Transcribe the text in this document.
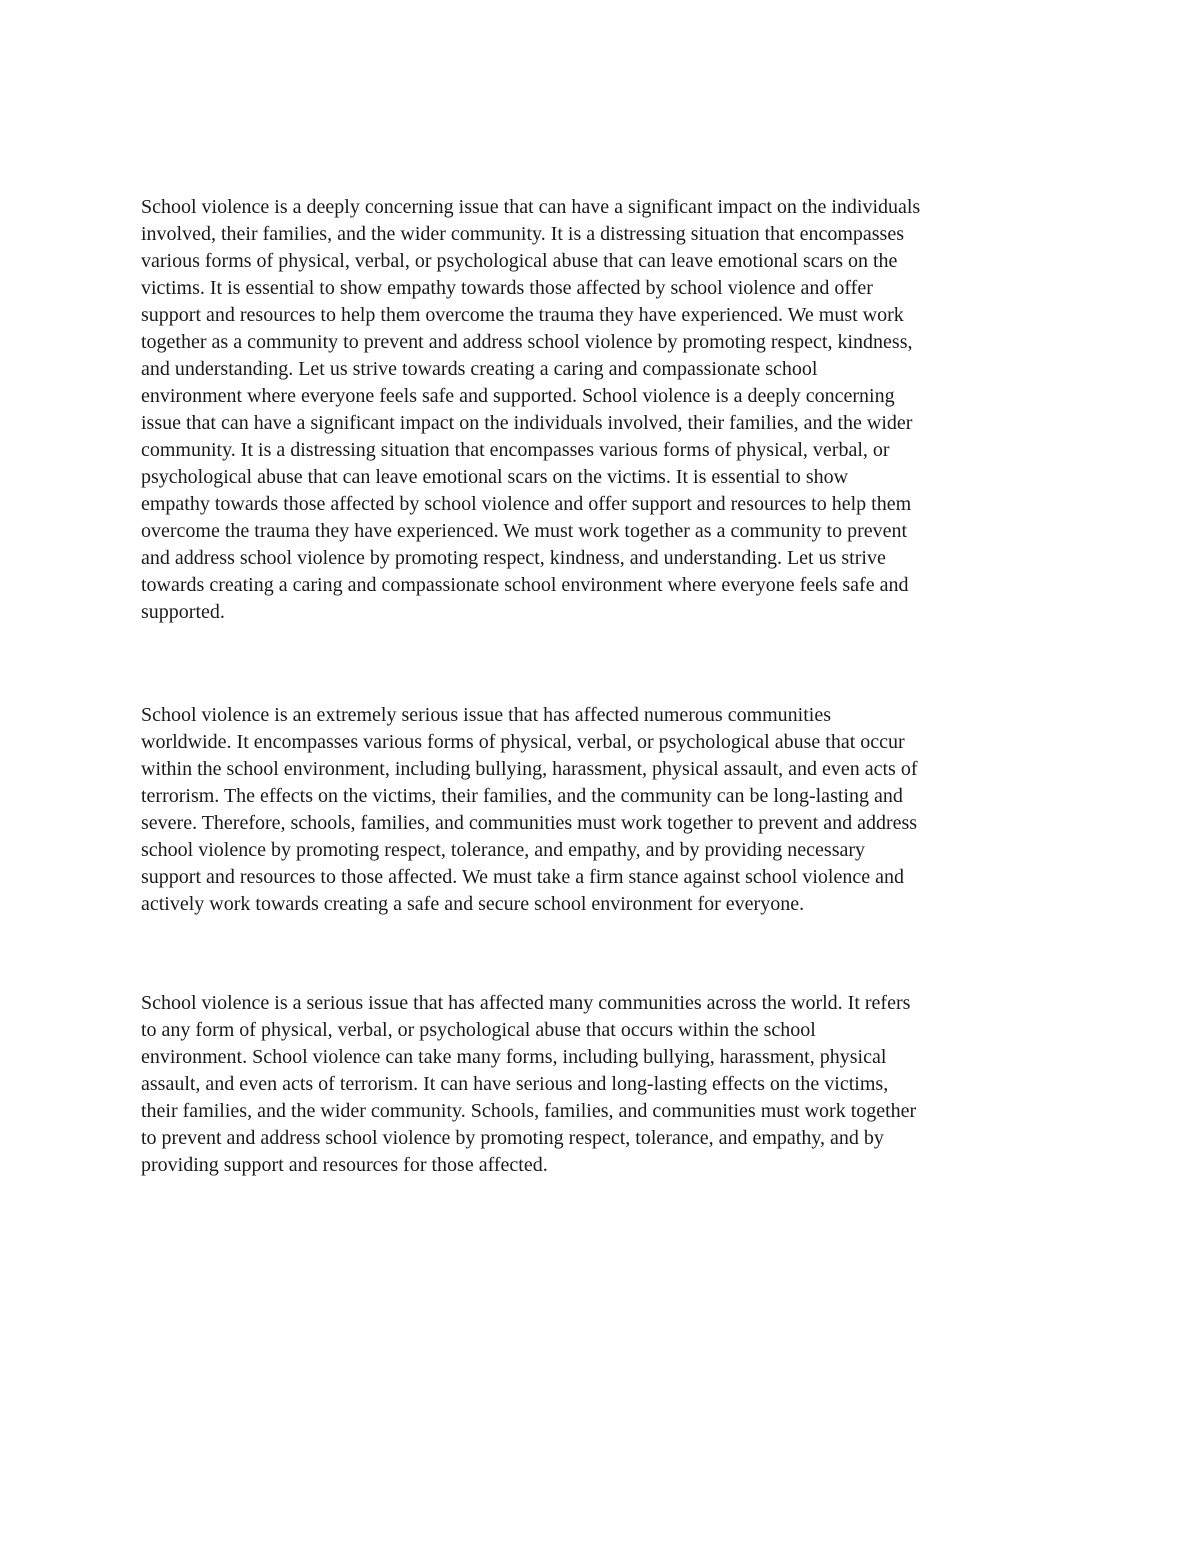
School violence is a deeply concerning issue that can have a significant impact on the individuals
involved, their families, and the wider community. It is a distressing situation that encompasses
various forms of physical, verbal, or psychological abuse that can leave emotional scars on the
victims. It is essential to show empathy towards those affected by school violence and offer
support and resources to help them overcome the trauma they have experienced. We must work
together as a community to prevent and address school violence by promoting respect, kindness,
and understanding. Let us strive towards creating a caring and compassionate school
environment where everyone feels safe and supported. School violence is a deeply concerning
issue that can have a significant impact on the individuals involved, their families, and the wider
community. It is a distressing situation that encompasses various forms of physical, verbal, or
psychological abuse that can leave emotional scars on the victims. It is essential to show
empathy towards those affected by school violence and offer support and resources to help them
overcome the trauma they have experienced. We must work together as a community to prevent
and address school violence by promoting respect, kindness, and understanding. Let us strive
towards creating a caring and compassionate school environment where everyone feels safe and
supported.
School violence is an extremely serious issue that has affected numerous communities
worldwide. It encompasses various forms of physical, verbal, or psychological abuse that occur
within the school environment, including bullying, harassment, physical assault, and even acts of
terrorism. The effects on the victims, their families, and the community can be long-lasting and
severe. Therefore, schools, families, and communities must work together to prevent and address
school violence by promoting respect, tolerance, and empathy, and by providing necessary
support and resources to those affected. We must take a firm stance against school violence and
actively work towards creating a safe and secure school environment for everyone.
School violence is a serious issue that has affected many communities across the world. It refers
to any form of physical, verbal, or psychological abuse that occurs within the school
environment. School violence can take many forms, including bullying, harassment, physical
assault, and even acts of terrorism. It can have serious and long-lasting effects on the victims,
their families, and the wider community. Schools, families, and communities must work together
to prevent and address school violence by promoting respect, tolerance, and empathy, and by
providing support and resources for those affected.
